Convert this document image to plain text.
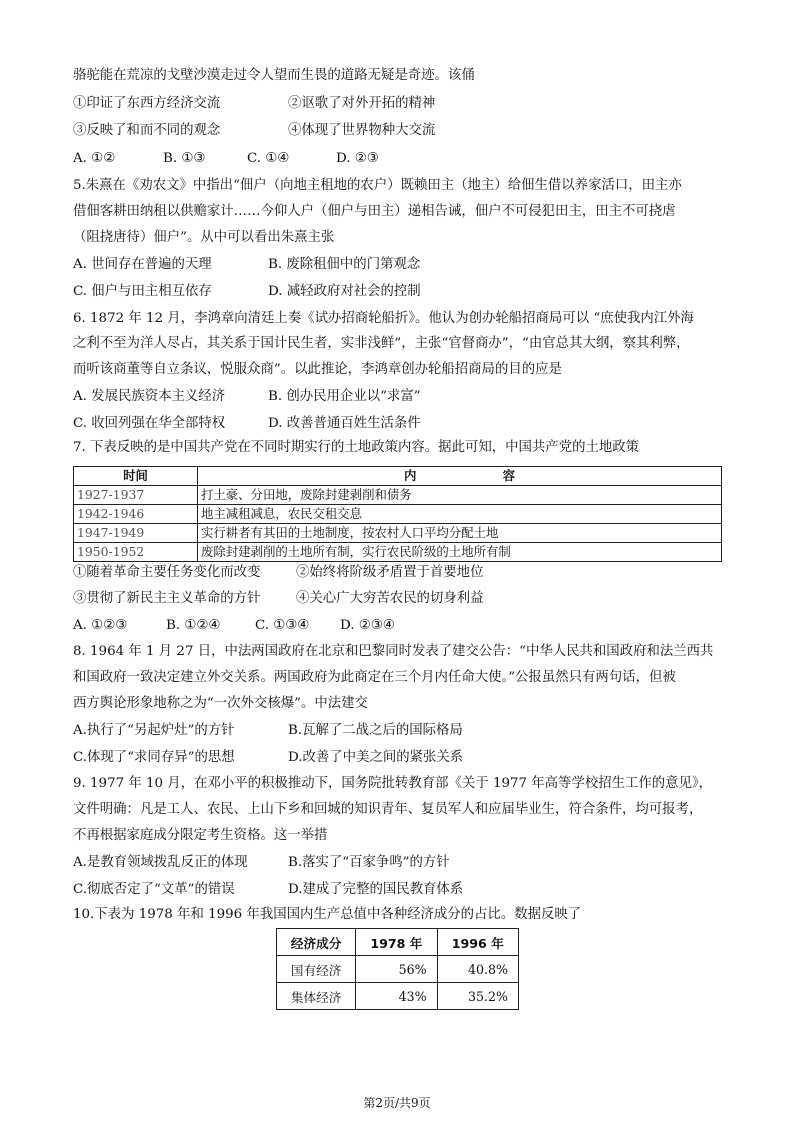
骆驼能在荒凉的戈壁沙漠走过令人望而生畏的道路无疑是奇迹。该俑
①印证了东西方经济交流	②讴歌了对外开拓的精神
③反映了和而不同的观念	④体现了世界物种大交流
A. ①②	B. ①③	C. ①④	D. ②③
5.朱熹在《劝农文》中指出“佃户（向地主租地的农户）既赖田主（地主）给佃生借以养家活口，田主亦
借佃客耕田纳租以供赡家计……今仰人户（佃户与田主）递相告诫，佃户不可侵犯田主，田主不可挠虐
（阻挠唐待）佃户”。从中可以看出朱熹主张
A. 世间存在普遍的天理	B. 废除租佃中的门第观念
C. 佃户与田主相互依存	D. 减轻政府对社会的控制
6. 1872 年 12 月，李鸿章向清廷上奏《试办招商轮船折》。他认为创办轮船招商局可以 “庶使我内江外海
之利不至为洋人尽占，其关系于国计民生者，实非浅鲜”，主张“官督商办”，“由官总其大纲，察其利弊，
而听该商董等自立条议，悦服众商”。以此推论，李鸿章创办轮船招商局的目的应是
A. 发展民族资本主义经济	B. 创办民用企业以“求富”
C. 收回列强在华全部特权	D. 改善普通百姓生活条件
7. 下表反映的是中国共产党在不同时期实行的土地政策内容。据此可知，中国共产党的土地政策
时间	内                    容
1927-1937	打土豪、分田地，废除封建剥削和债务
1942-1946	地主减租减息，农民交租交息
1947-1949	实行耕者有其田的土地制度，按农村人口平均分配土地
1950-1952	废除封建剥削的土地所有制，实行农民阶级的土地所有制
①随着革命主要任务变化而改变	②始终将阶级矛盾置于首要地位
③贯彻了新民主主义革命的方针	④关心广大穷苦农民的切身利益
A. ①②③	B. ①②④	C. ①③④ D. ②③④
8. 1964 年 1 月 27 日，中法两国政府在北京和巴黎同时发表了建交公告：“中华人民共和国政府和法兰西共
和国政府一致决定建立外交关系。两国政府为此商定在三个月内任命大使。”公报虽然只有两句话，但被
西方舆论形象地称之为“一次外交核爆”。中法建交
A.执行了“另起炉灶”的方针	B.瓦解了二战之后的国际格局
C.体现了“求同存异”的思想	D.改善了中美之间的紧张关系
9. 1977 年 10 月，在邓小平的积极推动下，国务院批转教育部《关于 1977 年高等学校招生工作的意见》，
文件明确：凡是工人、农民、上山下乡和回城的知识青年、复员军人和应届毕业生，符合条件，均可报考，
不再根据家庭成分限定考生资格。这一举措
A.是教育领域拨乱反正的体现	B.落实了“百家争鸣”的方针
C.彻底否定了“文革”的错误	D.建成了完整的国民教育体系
10.下表为 1978 年和 1996 年我国国内生产总值中各种经济成分的占比。数据反映了
经济成分	1978 年	1996 年
国有经济	56%	40.8%
集体经济	43%	35.2%
第2页/共9页
